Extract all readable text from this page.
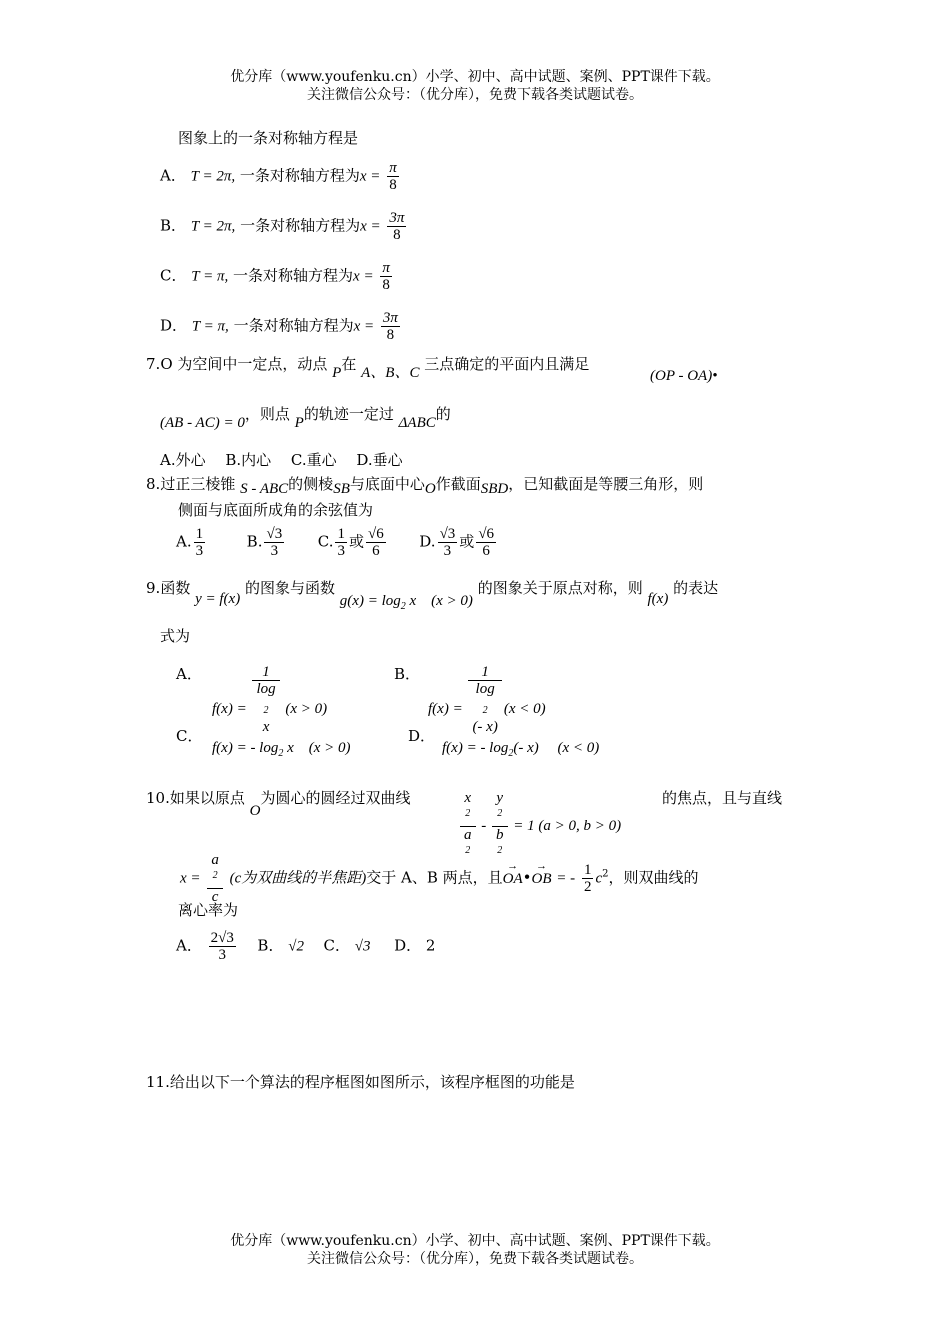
优分库（www.youfenku.cn）小学、初中、高中试题、案例、PPT课件下载。
关注微信公众号：（优分库），免费下载各类试题试卷。
图象上的一条对称轴方程是
A． T = 2π, 一条对称轴方程为$x = \frac{\pi}{8}$
B． T = 2π, 一条对称轴方程为$x = \frac{3\pi}{8}$
C． T = π, 一条对称轴方程为$x = \frac{\pi}{8}$
D． T = π, 一条对称轴方程为$x = \frac{3\pi}{8}$
7.O 为空间中一定点，动点 P在 A、B、C 三点确定的平面内且满足
(OP - OA)•
(AB - AC) = 0，则点 P的轨迹一定过 ΔABC的
A.外心　 B.内心　 C.重心　 D.垂心
8.过正三棱锥 S - ABC的侧棱SB与底面中心O作截面SBD，已知截面是等腰三角形，则
侧面与底面所成角的余弦值为
A. $\frac{1}{3}$	B. $\frac{√3}{3} C$. $\frac{1}{3}$ 或 $\frac{√6}{6} D$. $\frac{√3}{3}$ 或 $\frac{√6}{6}$
9.函数 y = f(x) 的图象与函数 $g(x) = \log_2 x$　(x > 0) 的图象关于原点对称，则 f(x) 的表达
式为
A．
f(x) = 1
log
$_2$
x (x > 0)
B．
f(x) = 1
log
$_2$
(- x) (x < 0)
C．
f(x) = - $\log_2 x$　(x > 0)
D．
f(x) = - $\log_2(-$ x)　 (x < 0)
10.如果以原点 O为圆心的圆经过双曲线	x
$^2$
a
$^2$ - y
$^2$
b
$^2$ = 1 (a > 0, b > 0)
的焦点，且与直线
x = a
$^2$
c (c为双曲线的半焦距)交于 A、B 两点，且→ OA•→ OB = - $\frac{1}{2} c^2$，则双曲线的
离心率为
A． $\frac{2√3}{3}$ B． √2 C． √3 D． 2
11.给出以下一个算法的程序框图如图所示，该程序框图的功能是
优分库（www.youfenku.cn）小学、初中、高中试题、案例、PPT课件下载。
关注微信公众号：（优分库），免费下载各类试题试卷。
